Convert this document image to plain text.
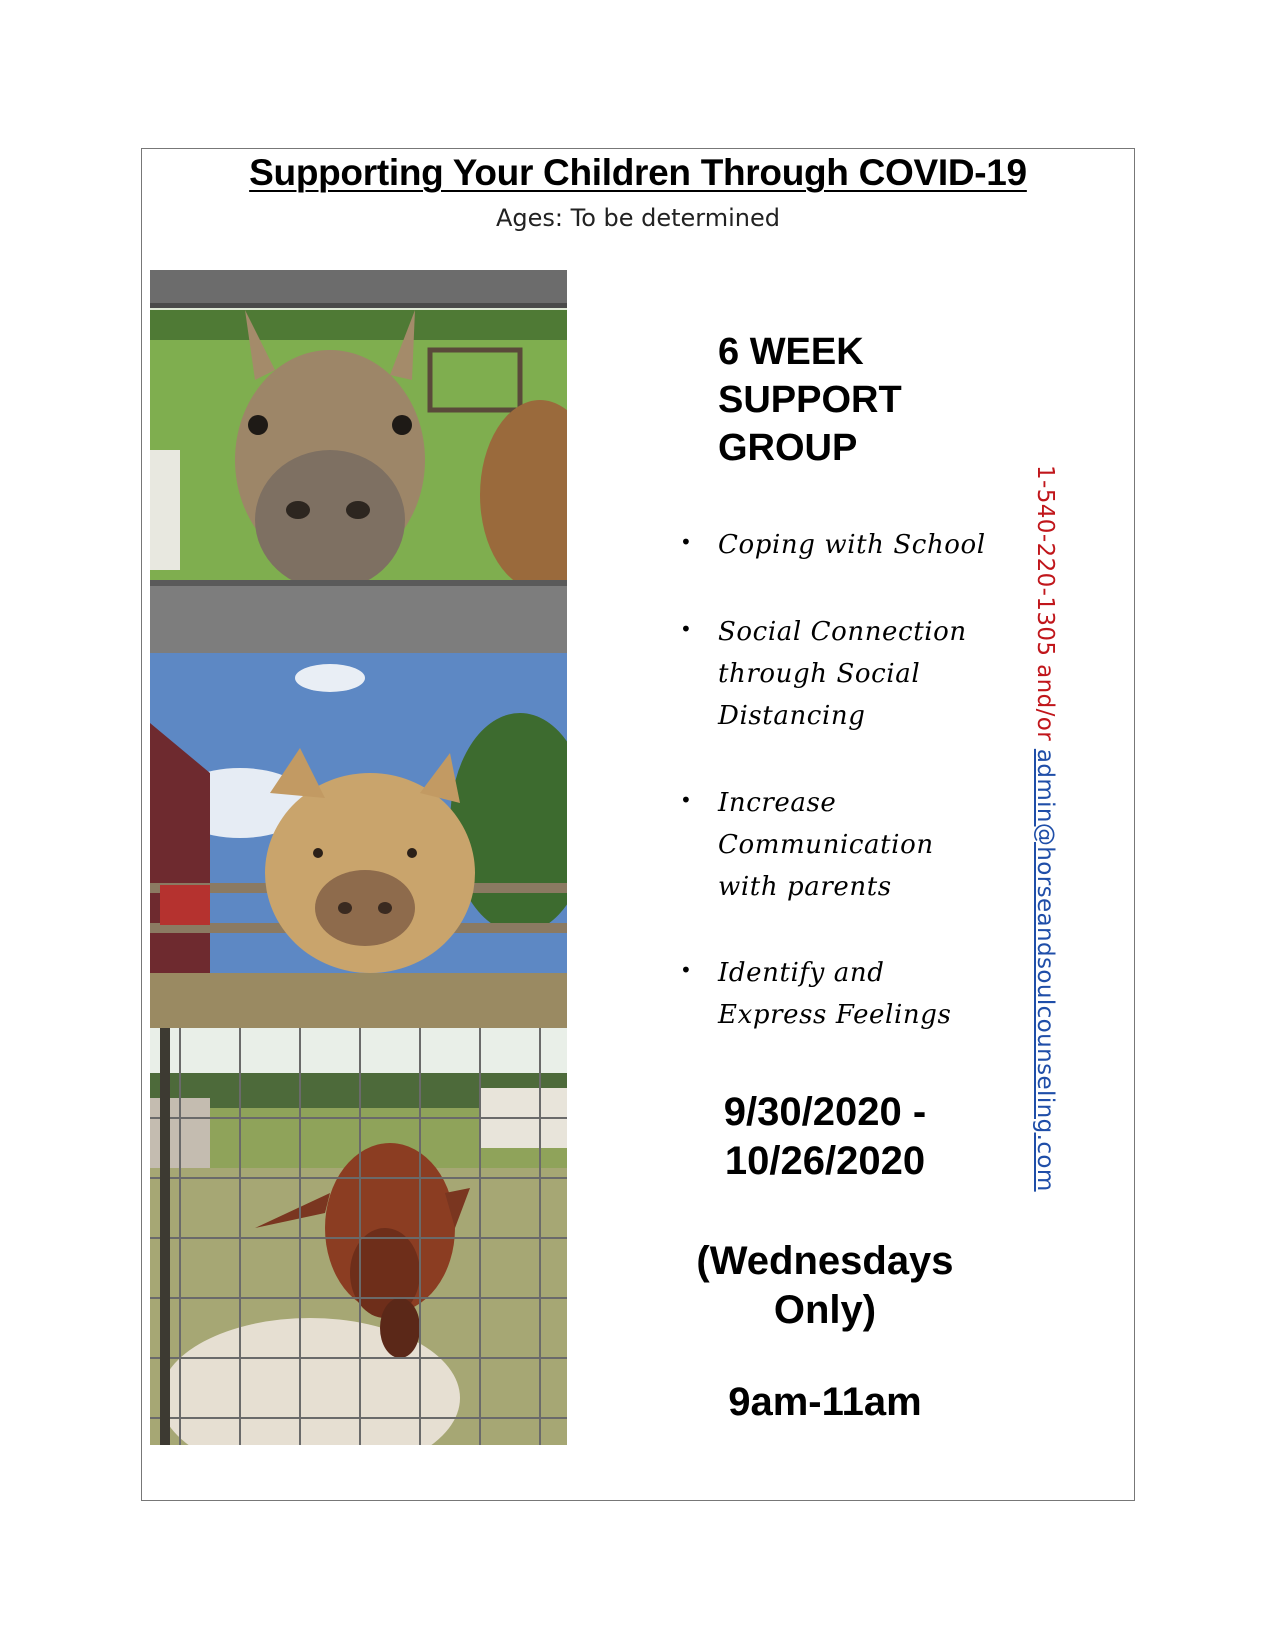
Supporting Your Children Through COVID-19
Ages: To be determined
6 WEEK
SUPPORT
GROUP
• Coping with School
• Social Connection
through Social
Distancing
• Increase
Communication
with parents
• Identify and
Express Feelings
9/30/2020 -
10/26/2020
(Wednesdays
Only)
9am-11am
1-540-220-1305 and/or admin@horseandsoulcounseling.com
